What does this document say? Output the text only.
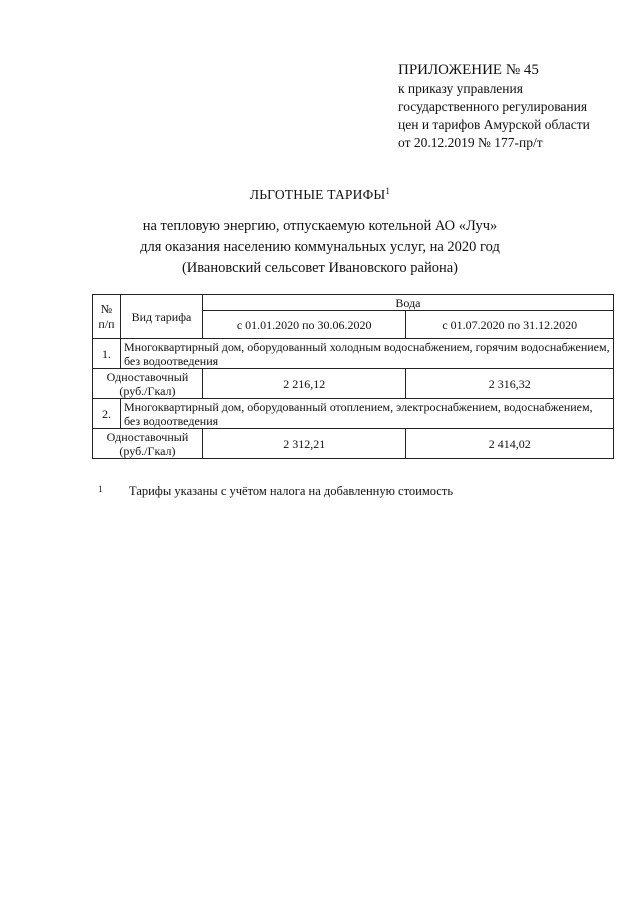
ПРИЛОЖЕНИЕ № 45
к приказу управления
государственного регулирования
цен и тарифов Амурской области
от 20.12.2019 № 177-пр/т
ЛЬГОТНЫЕ ТАРИФЫ$^1$
на тепловую энергию, отпускаемую котельной АО «Луч»
для оказания населению коммунальных услуг, на 2020 год
(Ивановский сельсовет Ивановского района)
№ п/п	Вид тарифа	Вода	
		с 01.01.2020 по 30.06.2020	с 01.07.2020 по 31.12.2020
1.	Многоквартирный дом, оборудованный холодным водоснабжением, горячим водоснабжением, без водоотведения		
Одноставочный (руб./Гкал)		2 216,12	2 316,32
2.	Многоквартирный дом, оборудованный отоплением, электроснабжением, водоснабжением, без водоотведения		
Одноставочный (руб./Гкал)		2 312,21	2 414,02
1 Тарифы указаны с учётом налога на добавленную стоимость
